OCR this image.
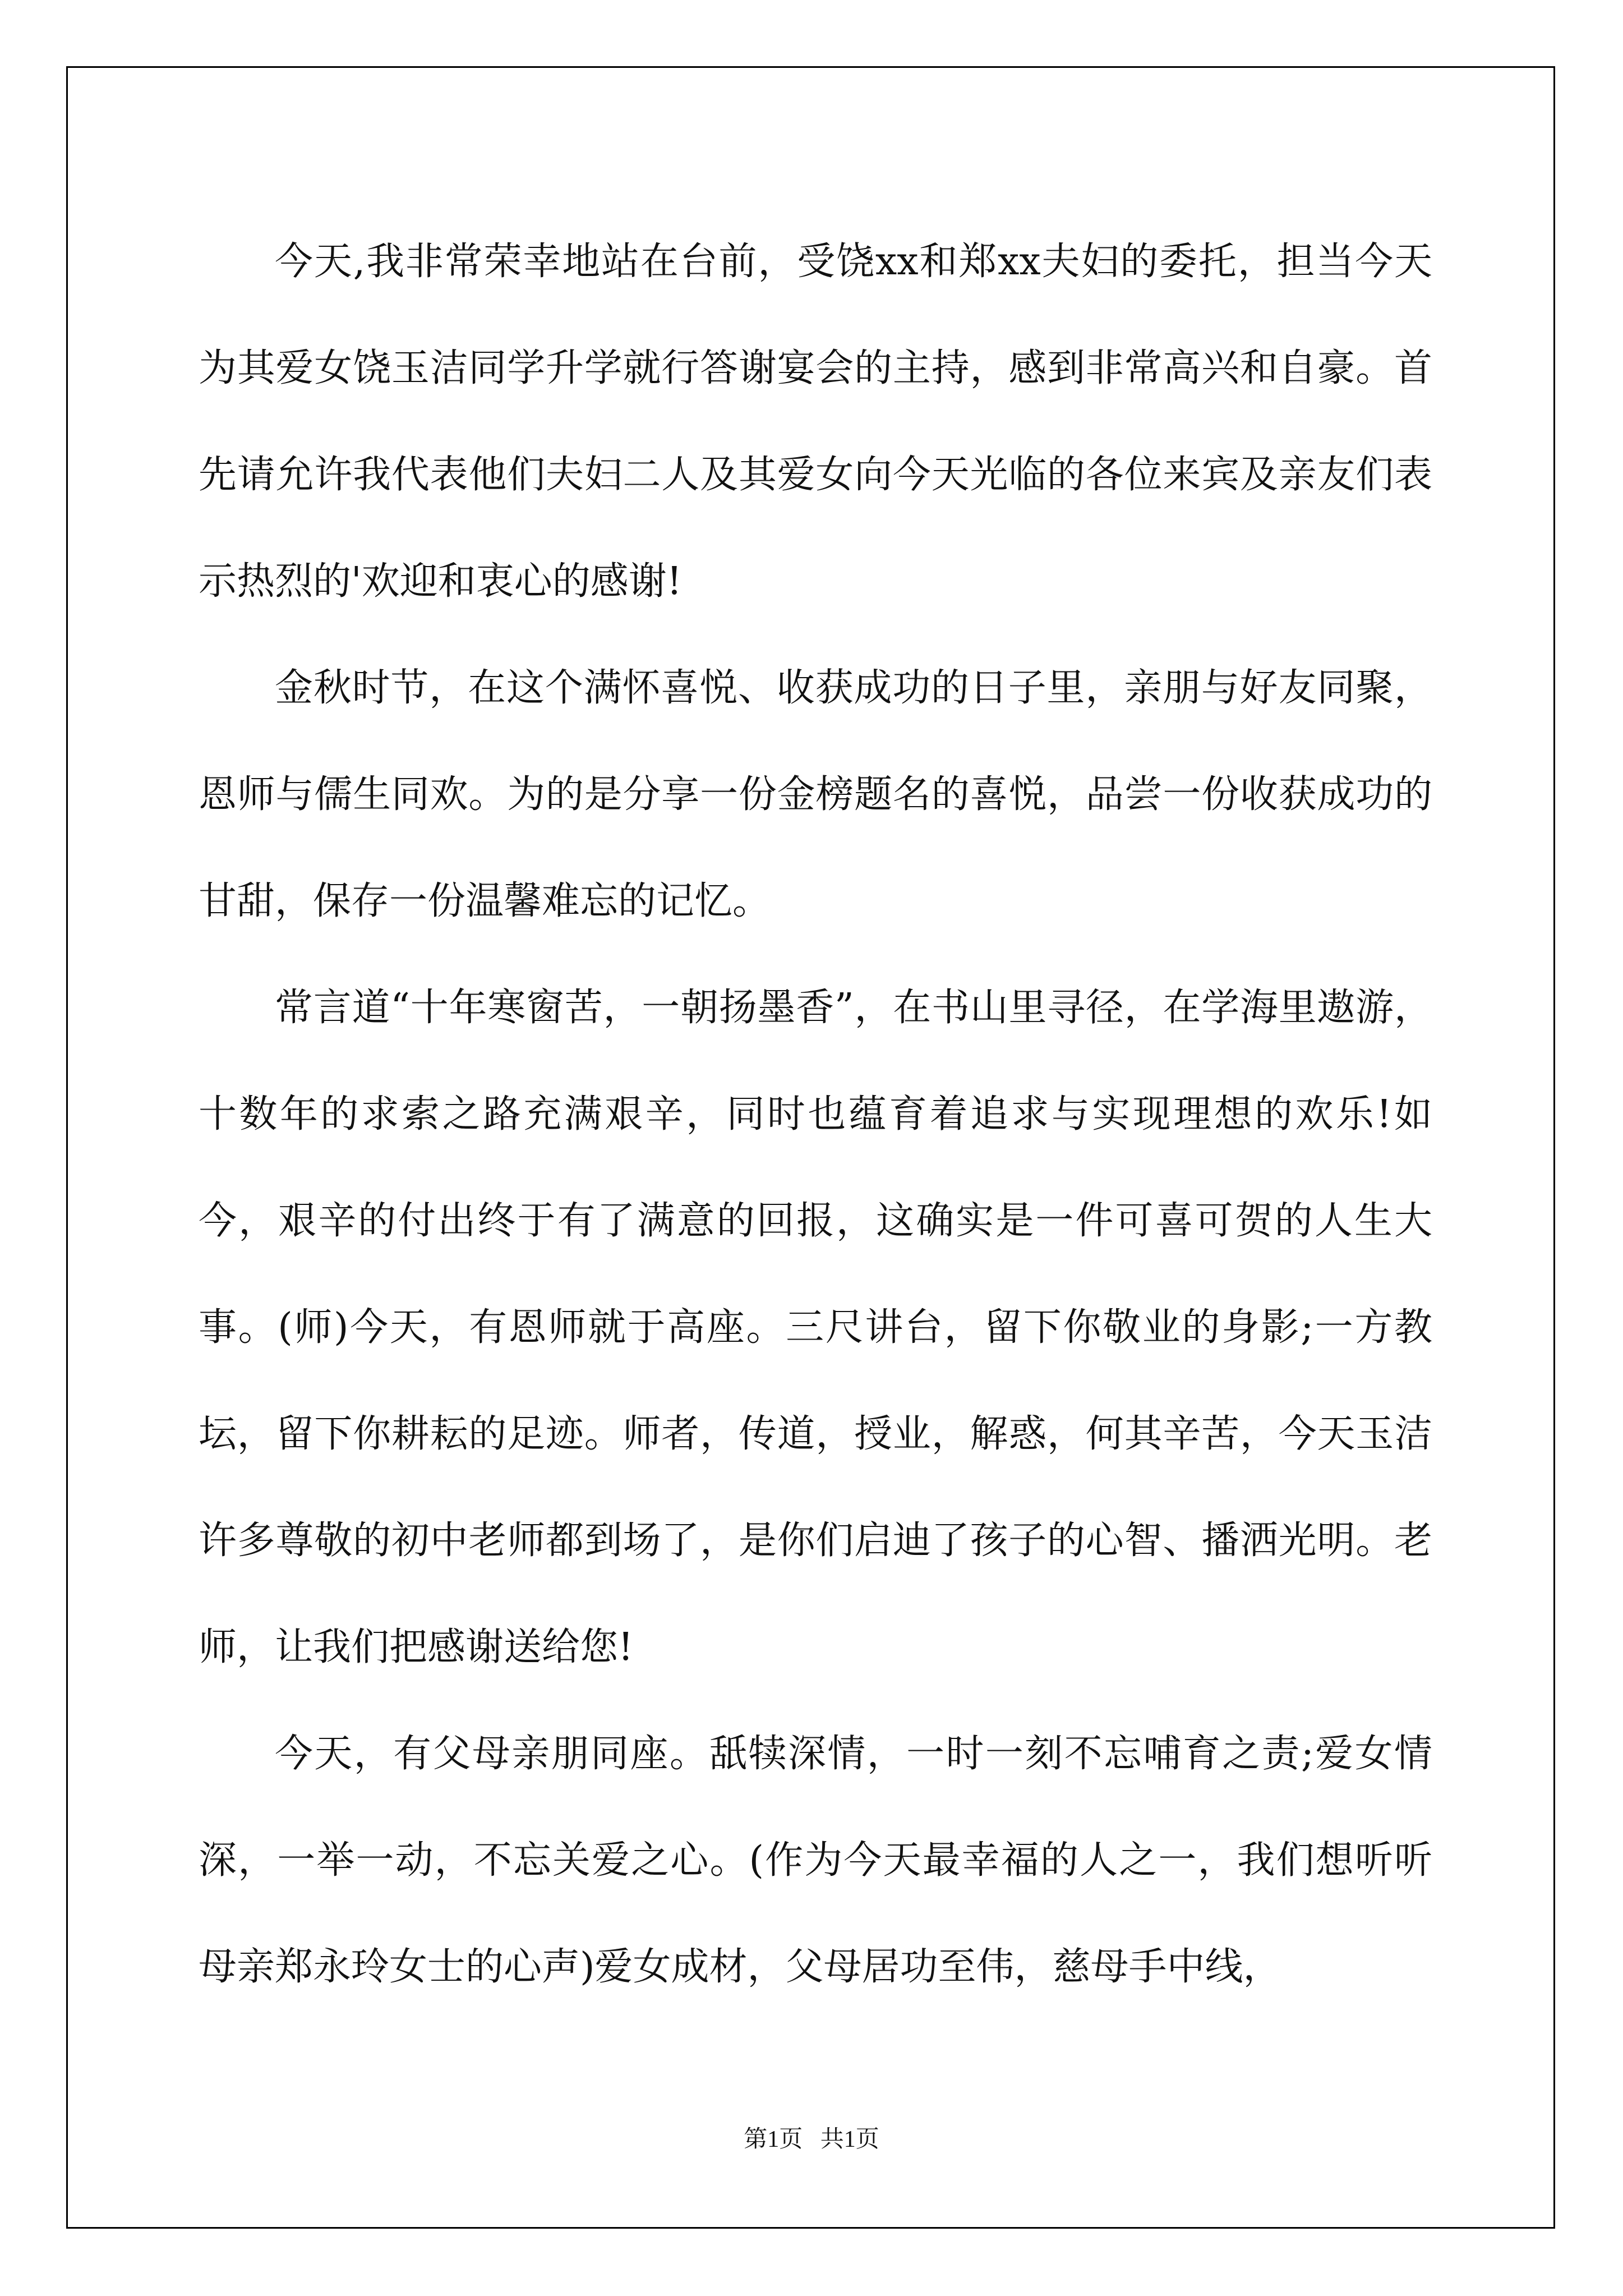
今天,我非常荣幸地站在台前，受饶xx和郑xx夫妇的委托，担当今天为其爱女饶玉洁同学升学就行答谢宴会的主持，感到非常高兴和自豪。首先请允许我代表他们夫妇二人及其爱女向今天光临的各位来宾及亲友们表示热烈的'欢迎和衷心的感谢!

金秋时节，在这个满怀喜悦、收获成功的日子里，亲朋与好友同聚，恩师与儒生同欢。为的是分享一份金榜题名的喜悦，品尝一份收获成功的甘甜，保存一份温馨难忘的记忆。

常言道“十年寒窗苦，一朝扬墨香”，在书山里寻径，在学海里遨游，十数年的求索之路充满艰辛，同时也蕴育着追求与实现理想的欢乐!如今，艰辛的付出终于有了满意的回报，这确实是一件可喜可贺的人生大事。(师)今天，有恩师就于高座。三尺讲台，留下你敬业的身影;一方教坛，留下你耕耘的足迹。师者，传道，授业，解惑，何其辛苦，今天玉洁许多尊敬的初中老师都到场了，是你们启迪了孩子的心智、播洒光明。老师，让我们把感谢送给您!

今天，有父母亲朋同座。舐犊深情，一时一刻不忘哺育之责;爱女情深，一举一动，不忘关爱之心。(作为今天最幸福的人之一，我们想听听母亲郑永玲女士的心声)爱女成材，父母居功至伟，慈母手中线，

第1页 共1页
